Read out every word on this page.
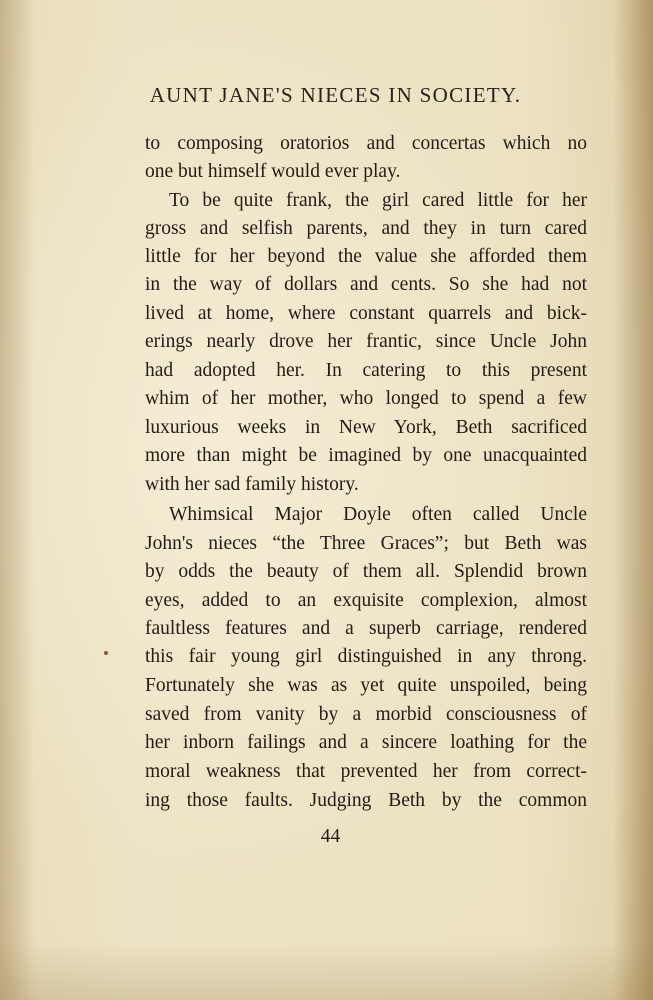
AUNT JANE'S NIECES IN SOCIETY.
to composing oratorios and concertas which no
one but himself would ever play.
To be quite frank, the girl cared little for her
gross and selfish parents, and they in turn cared
little for her beyond the value she afforded them
in the way of dollars and cents. So she had not
lived at home, where constant quarrels and bick-
erings nearly drove her frantic, since Uncle John
had adopted her. In catering to this present
whim of her mother, who longed to spend a few
luxurious weeks in New York, Beth sacrificed
more than might be imagined by one unacquainted
with her sad family history.
Whimsical Major Doyle often called Uncle
John's nieces “the Three Graces”; but Beth was
by odds the beauty of them all. Splendid brown
eyes, added to an exquisite complexion, almost
faultless features and a superb carriage, rendered
this fair young girl distinguished in any throng.
Fortunately she was as yet quite unspoiled, being
saved from vanity by a morbid consciousness of
her inborn failings and a sincere loathing for the
moral weakness that prevented her from correct-
ing those faults. Judging Beth by the common
44
